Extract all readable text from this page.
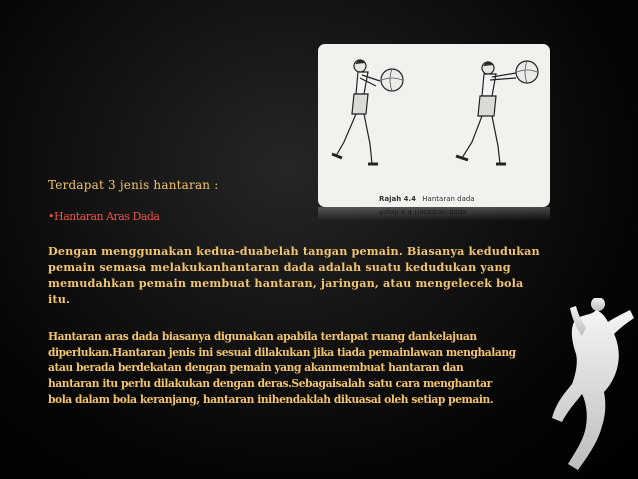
Rajah 4.4 Hantaran dada
Rajah 4.4 Hantaran dada
Terdapat 3 jenis hantaran :
•Hantaran Aras Dada
Dengan menggunakan kedua-duabelah tangan pemain. Biasanya kedudukan pemain semasa melakukanhantaran dada adalah suatu kedudukan yang memudahkan pemain membuat hantaran, jaringan, atau mengelecek bola itu.
Hantaran aras dada biasanya digunakan apabila terdapat ruang dankelajuan diperlukan.Hantaran jenis ini sesuai dilakukan jika tiada pemainlawan menghalang atau berada berdekatan dengan pemain yang akanmembuat hantaran dan hantaran itu perlu dilakukan dengan deras.Sebagaisalah satu cara menghantar bola dalam bola keranjang, hantaran inihendaklah dikuasai oleh setiap pemain.
